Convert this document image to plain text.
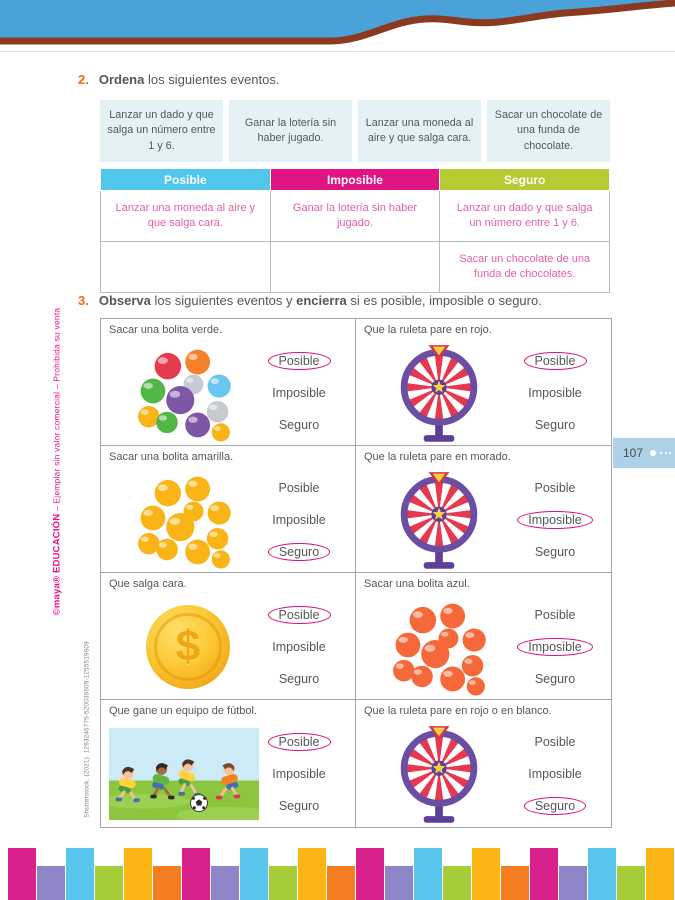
2. Ordena los siguientes eventos.
Lanzar un dado y que salga un número entre 1 y 6.
Ganar la lotería sin haber jugado.
Lanzar una moneda al aire y que salga cara.
Sacar un chocolate de una funda de chocolate.
Posible	Imposible	Seguro
Lanzar una moneda al aire y que salga cara.	Ganar la lotería sin haber jugado.	Lanzar un dado y que salga un número entre 1 y 6.
		Sacar un chocolate de una funda de chocolates.
3. Observa los siguientes eventos y encierra si es posible, imposible o seguro.
Sacar una bolita verde.
Posible
Imposible
Seguro
Que la ruleta pare en rojo.
Posible
Imposible
Seguro
Sacar una bolita amarilla.
Posible
Imposible
Seguro
Que la ruleta pare en morado.
Posible
Imposible
Seguro
Que salga cara.
$
Posible
Imposible
Seguro
Sacar una bolita azul.
Posible
Imposible
Seguro
Que gane un equipo de fútbol.
Posible
Imposible
Seguro
Que la ruleta pare en rojo o en blanco.
Posible
Imposible
Seguro
107
©maya® EDUCACIÓN – Ejemplar sin valor comercial – Prohibida su venta
Shutterstock, (2021). 1263246775-520036609-1255519609
